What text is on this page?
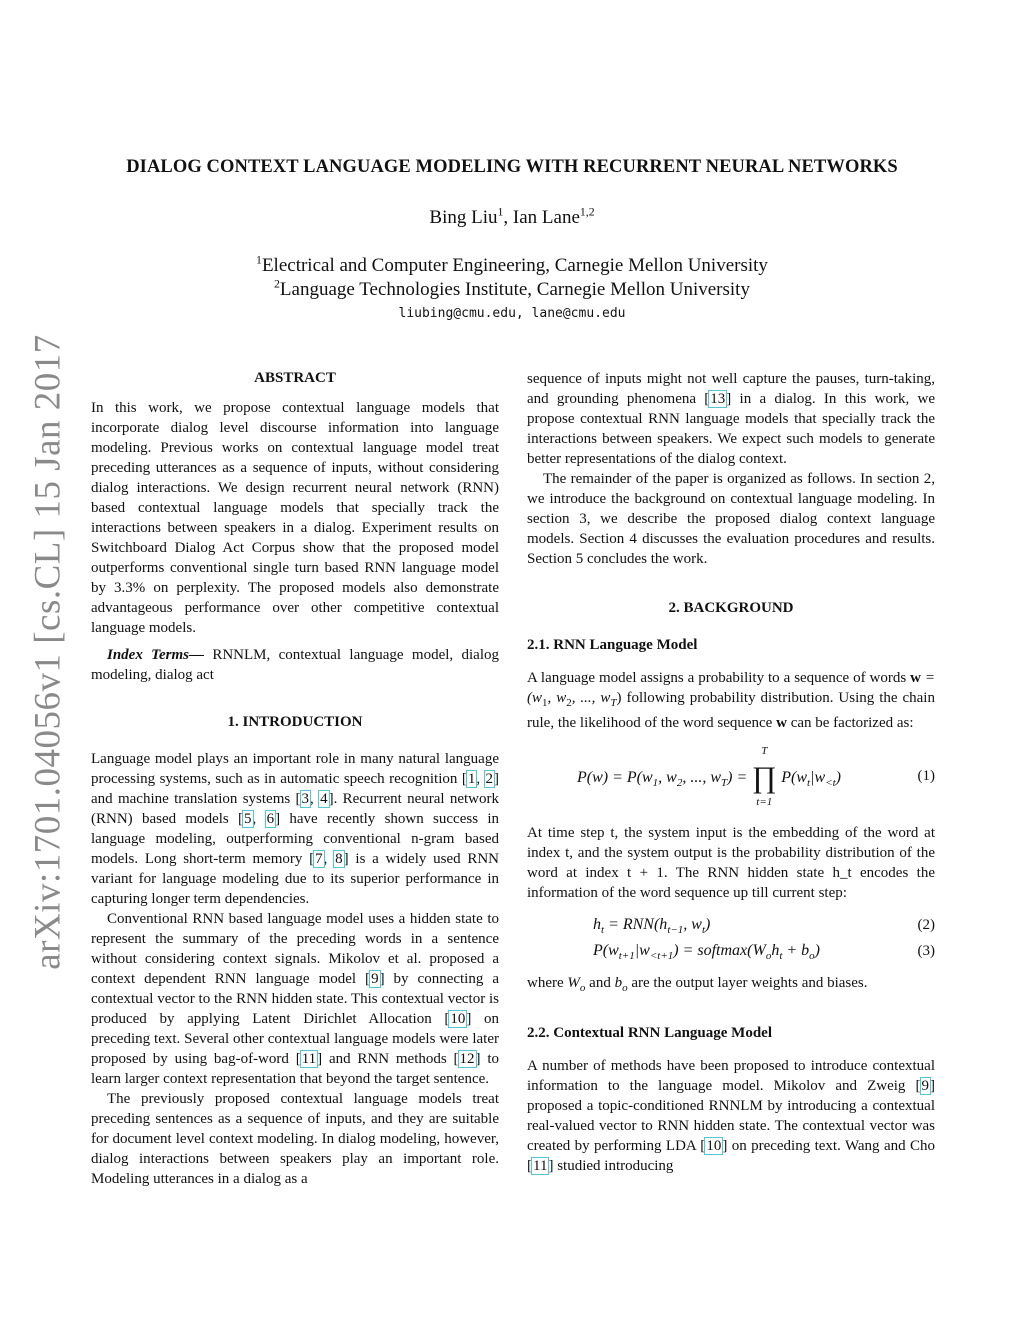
arXiv:1701.04056v1 [cs.CL] 15 Jan 2017
DIALOG CONTEXT LANGUAGE MODELING WITH RECURRENT NEURAL NETWORKS
Bing Liu$^1$, Ian Lane$^{1,2}$
$^1$Electrical and Computer Engineering, Carnegie Mellon University
$^2$Language Technologies Institute, Carnegie Mellon University
liubing@cmu.edu, lane@cmu.edu
ABSTRACT

In this work, we propose contextual language models that incorporate dialog level discourse information into language modeling. Previous works on contextual language model treat preceding utterances as a sequence of inputs, without considering dialog interactions. We design recurrent neural network (RNN) based contextual language models that specially track the interactions between speakers in a dialog. Experiment results on Switchboard Dialog Act Corpus show that the proposed model outperforms conventional single turn based RNN language model by 3.3% on perplexity. The proposed models also demonstrate advantageous performance over other competitive contextual language models.

Index Terms— RNNLM, contextual language model, dialog modeling, dialog act

1. INTRODUCTION

Language model plays an important role in many natural language processing systems, such as in automatic speech recognition [1, 2] and machine translation systems [3, 4]. Recurrent neural network (RNN) based models [5, 6] have recently shown success in language modeling, outperforming conventional n-gram based models. Long short-term memory [7, 8] is a widely used RNN variant for language modeling due to its superior performance in capturing longer term dependencies.

Conventional RNN based language model uses a hidden state to represent the summary of the preceding words in a sentence without considering context signals. Mikolov et al. proposed a context dependent RNN language model [9] by connecting a contextual vector to the RNN hidden state. This contextual vector is produced by applying Latent Dirichlet Allocation [10] on preceding text. Several other contextual language models were later proposed by using bag-of-word [11] and RNN methods [12] to learn larger context representation that beyond the target sentence.

The previously proposed contextual language models treat preceding sentences as a sequence of inputs, and they are suitable for document level context modeling. In dialog modeling, however, dialog interactions between speakers play an important role. Modeling utterances in a dialog as a

sequence of inputs might not well capture the pauses, turn-taking, and grounding phenomena [13] in a dialog. In this work, we propose contextual RNN language models that specially track the interactions between speakers. We expect such models to generate better representations of the dialog context.

The remainder of the paper is organized as follows. In section 2, we introduce the background on contextual language modeling. In section 3, we describe the proposed dialog context language models. Section 4 discusses the evaluation procedures and results. Section 5 concludes the work.

2. BACKGROUND
2.1. RNN Language Model

A language model assigns a probability to a sequence of words $w = (w_1$, $w_2$, ..., $w_T$) following probability distribution. Using the chain rule, the likelihood of the word sequence w can be factorized as:

$P(w) = P(w_1$, $w_2$, ..., $w_T$) =
T
∏
t=1
$P(w_t|w_{<t})$	(1)

At time step t, the system input is the embedding of the word at index t, and the system output is the probability distribution of the word at index t + 1. The RNN hidden state h_t encodes the information of the word sequence up till current step:

$h_t = RNN(h_{t-1}$, $w_t$)	(2)
$P(w_{t+1}|w_{<t+1})$ = $softmax(W_oh_t + b_o)$	(3)

where $W_o$ and $b_o$ are the output layer weights and biases.

2.2. Contextual RNN Language Model

A number of methods have been proposed to introduce contextual information to the language model. Mikolov and Zweig [9] proposed a topic-conditioned RNNLM by introducing a contextual real-valued vector to RNN hidden state. The contextual vector was created by performing LDA [10] on preceding text. Wang and Cho [11] studied introducing
